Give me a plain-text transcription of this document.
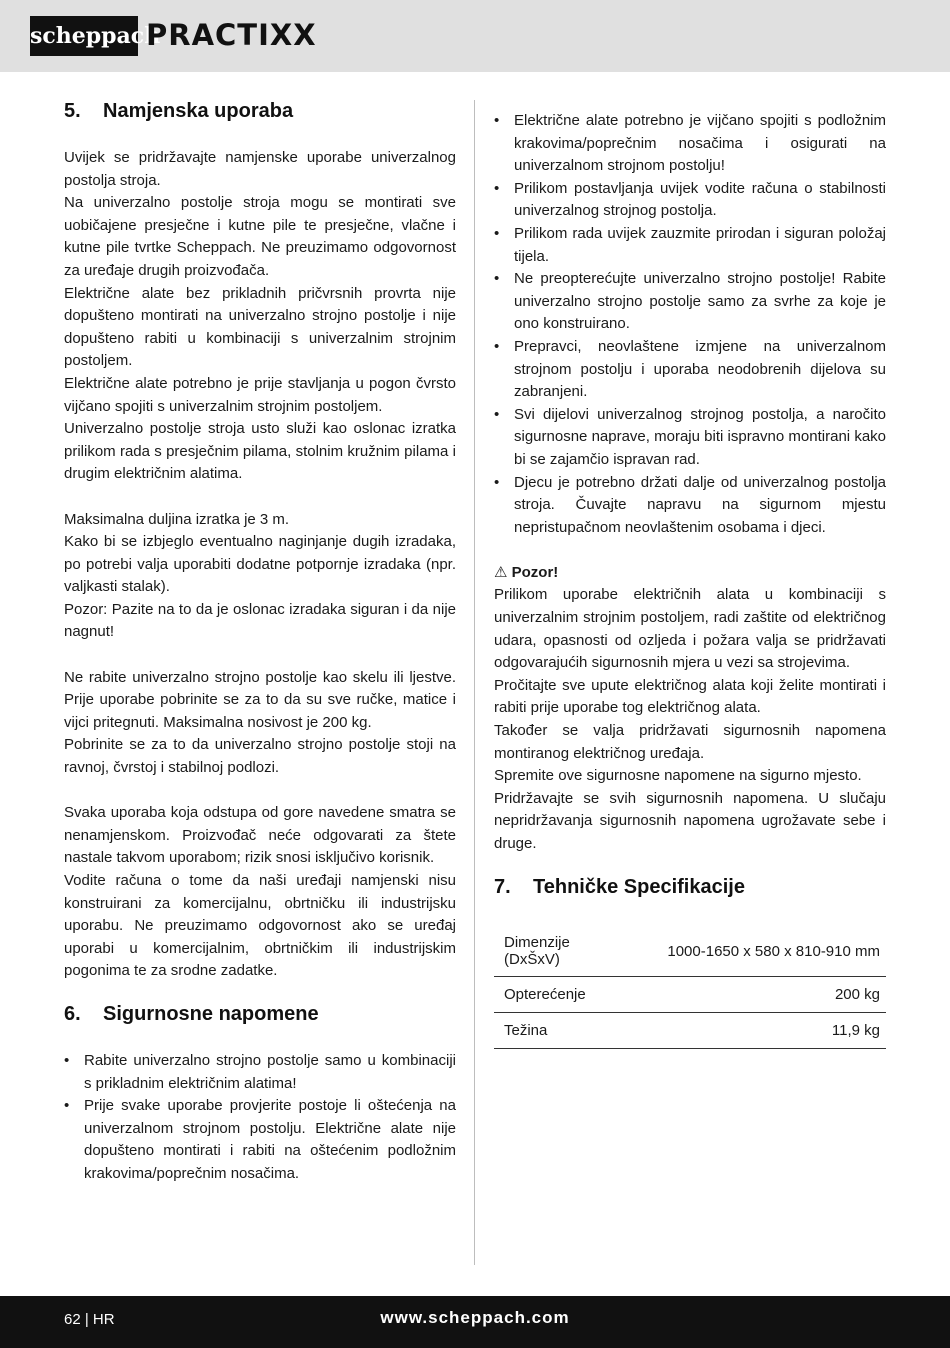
scheppach
PRACTIXX
5.	Namjenska uporaba

Uvijek se pridržavajte namjenske uporabe univerzalnog postolja stroja.

Na univerzalno postolje stroja mogu se montirati sve uobičajene presječne i kutne pile te presječne, vlačne i kutne pile tvrtke Scheppach. Ne preuzimamo odgovornost za uređaje drugih proizvođača.

Električne alate bez prikladnih pričvrsnih provrta nije dopušteno montirati na univerzalno strojno postolje i nije dopušteno rabiti u kombinaciji s univerzalnim strojnim postoljem.

Električne alate potrebno je prije stavljanja u pogon čvrsto vijčano spojiti s univerzalnim strojnim postoljem.

Univerzalno postolje stroja usto služi kao oslonac izratka prilikom rada s presječnim pilama, stolnim kružnim pilama i drugim električnim alatima.

Maksimalna duljina izratka je 3 m.

Kako bi se izbjeglo eventualno naginjanje dugih izradaka, po potrebi valja uporabiti dodatne potpornje izradaka (npr. valjkasti stalak).

Pozor: Pazite na to da je oslonac izradaka siguran i da nije nagnut!

Ne rabite univerzalno strojno postolje kao skelu ili ljestve. Prije uporabe pobrinite se za to da su sve ručke, matice i vijci pritegnuti. Maksimalna nosivost je 200 kg.

Pobrinite se za to da univerzalno strojno postolje stoji na ravnoj, čvrstoj i stabilnoj podlozi.

Svaka uporaba koja odstupa od gore navedene smatra se nenamjenskom. Proizvođač neće odgovarati za štete nastale takvom uporabom; rizik snosi isključivo korisnik.

Vodite računa o tome da naši uređaji namjenski nisu konstruirani za komercijalnu, obrtničku ili industrijsku uporabu. Ne preuzimamo odgovornost ako se uređaj uporabi u komercijalnim, obrtničkim ili industrijskim pogonima te za srodne zadatke.

6.	Sigurnosne napomene
• Rabite univerzalno strojno postolje samo u kombinaciji s prikladnim električnim alatima!
• Prije svake uporabe provjerite postoje li oštećenja na univerzalnom strojnom postolju. Električne alate nije dopušteno montirati i rabiti na oštećenim podložnim krakovima/poprečnim nosačima.
• Električne alate potrebno je vijčano spojiti s podložnim krakovima/poprečnim nosačima i osigurati na univerzalnom strojnom postolju!
• Prilikom postavljanja uvijek vodite računa o stabilnosti univerzalnog strojnog postolja.
• Prilikom rada uvijek zauzmite prirodan i siguran položaj tijela.
• Ne preopterećujte univerzalno strojno postolje! Rabite univerzalno strojno postolje samo za svrhe za koje je ono konstruirano.
• Prepravci, neovlaštene izmjene na univerzalnom strojnom postolju i uporaba neodobrenih dijelova su zabranjeni.
• Svi dijelovi univerzalnog strojnog postolja, a naročito sigurnosne naprave, moraju biti ispravno montirani kako bi se zajamčio ispravan rad.
• Djecu je potrebno držati dalje od univerzalnog postolja stroja. Čuvajte napravu na sigurnom mjestu nepristupačnom neovlaštenim osobama i djeci.
⚠ Pozor!

Prilikom uporabe električnih alata u kombinaciji s univerzalnim strojnim postoljem, radi zaštite od električnog udara, opasnosti od ozljeda i požara valja se pridržavati odgovarajućih sigurnosnih mjera u vezi sa strojevima.

Pročitajte sve upute električnog alata koji želite montirati i rabiti prije uporabe tog električnog alata.

Također se valja pridržavati sigurnosnih napomena montiranog električnog uređaja.

Spremite ove sigurnosne napomene na sigurno mjesto.

Pridržavajte se svih sigurnosnih napomena. U slučaju nepridržavanja sigurnosnih napomena ugrožavate sebe i druge.

7.	Tehničke Specifikacije
Dimenzije (DxŠxV)	1000-1650 x 580 x 810-910 mm
Opterećenje	200 kg
Težina	11,9 kg
62 | HR	www.scheppach.com
